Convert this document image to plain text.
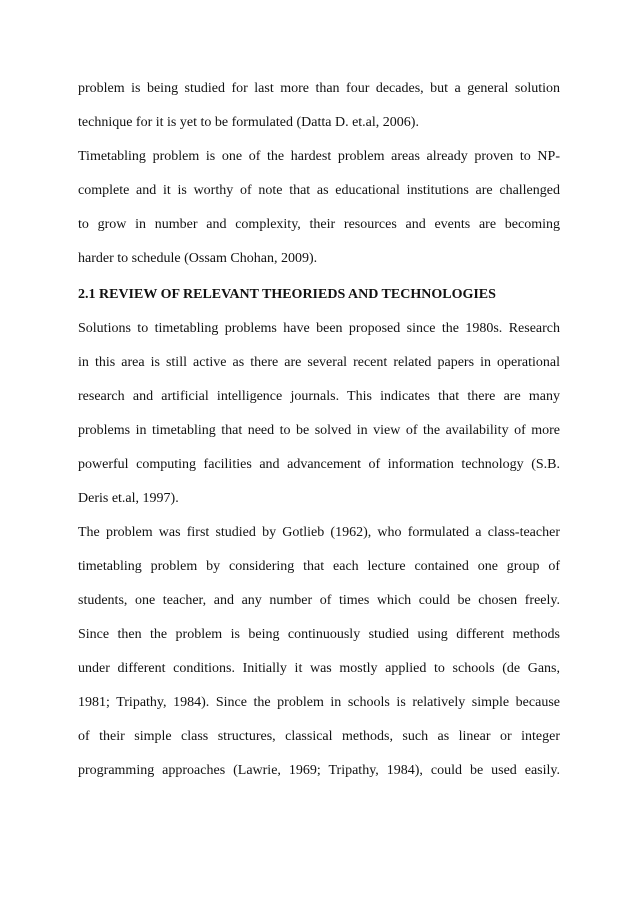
problem is being studied for last more than four decades, but a general solution
technique for it is yet to be formulated (Datta D. et.al, 2006).
Timetabling problem is one of the hardest problem areas already proven to NP-
complete and it is worthy of note that as educational institutions are challenged
to grow in number and complexity, their resources and events are becoming
harder to schedule (Ossam Chohan, 2009).
2.1 REVIEW OF RELEVANT THEORIEDS AND TECHNOLOGIES
Solutions to timetabling problems have been proposed since the 1980s. Research
in this area is still active as there are several recent related papers in operational
research and artificial intelligence journals. This indicates that there are many
problems in timetabling that need to be solved in view of the availability of more
powerful computing facilities and advancement of information technology (S.B.
Deris et.al, 1997).
The problem was first studied by Gotlieb (1962), who formulated a class-teacher
timetabling problem by considering that each lecture contained one group of
students, one teacher, and any number of times which could be chosen freely.
Since then the problem is being continuously studied using different methods
under different conditions. Initially it was mostly applied to schools (de Gans,
1981; Tripathy, 1984). Since the problem in schools is relatively simple because
of their simple class structures, classical methods, such as linear or integer
programming approaches (Lawrie, 1969; Tripathy, 1984), could be used easily.
